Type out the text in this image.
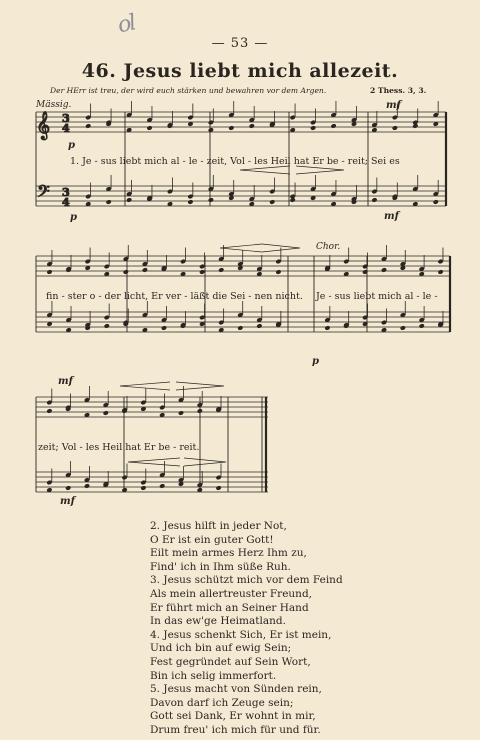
ol
— 53 —
46. Jesus liebt mich allezeit.
Der HErr ist treu, der wird euch stärken und bewahren vor dem Argen.	2 Thess. 3, 3.
Mässig.
Chor.
p
mf
p	mf
p
mf
mf
1. Je - sus liebt mich al - le - zeit, Vol - les Heil hat Er be - reit; Sei es
fin - ster o - der licht, Er ver - läßt die Sei - nen nicht. Je - sus liebt mich al - le -
zeit; Vol - les Heil hat Er be - reit.
𝄞
𝄢
3
3
4
4
2. Jesus hilft in jeder Not,
O Er ist ein guter Gott!
Eilt mein armes Herz Ihm zu,
Find' ich in Ihm süße Ruh.
3. Jesus schützt mich vor dem Feind
Als mein allertreuster Freund,
Er führt mich an Seiner Hand
In das ew'ge Heimatland.
4. Jesus schenkt Sich, Er ist mein,
Und ich bin auf ewig Sein;
Fest gegründet auf Sein Wort,
Bin ich selig immerfort.
5. Jesus macht von Sünden rein,
Davon darf ich Zeuge sein;
Gott sei Dank, Er wohnt in mir,
Drum freu' ich mich für und für.
